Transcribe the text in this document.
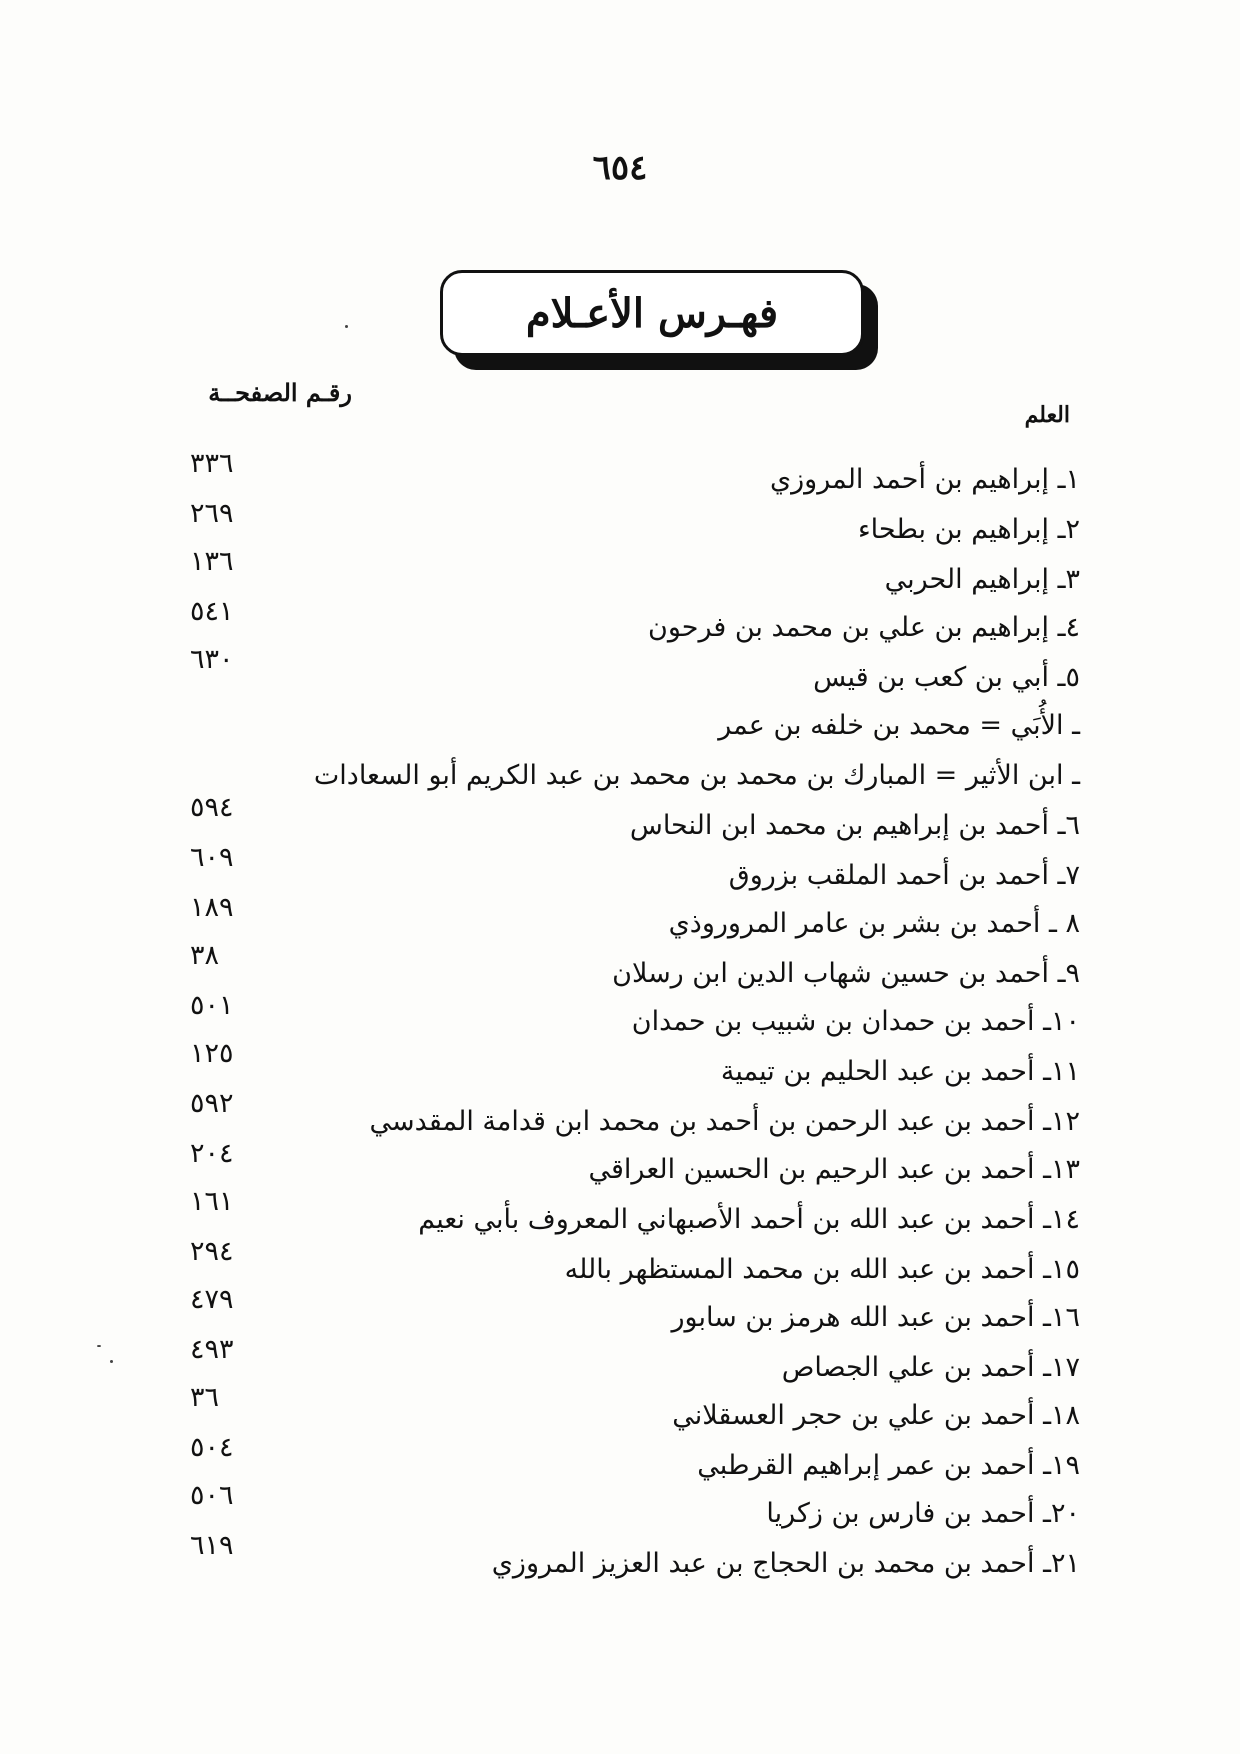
٦٥٤
فهـرس الأعـلام
رقـم الصفحــة
العلم
١ـ إبراهيم بن أحمد المروزي
٢ـ إبراهيم بن بطحاء
٣ـ إبراهيم الحربي
٤ـ إبراهيم بن علي بن محمد بن فرحون
٥ـ أبي بن كعب بن قيس
ـ الأُبَي = محمد بن خلفه بن عمر
ـ ابن الأثير = المبارك بن محمد بن محمد بن عبد الكريم أبو السعادات
٦ـ أحمد بن إبراهيم بن محمد ابن النحاس
٧ـ أحمد بن أحمد الملقب بزروق
٨ ـ أحمد بن بشر بن عامر المروروذي
٩ـ أحمد بن حسين شهاب الدين ابن رسلان
١٠ـ أحمد بن حمدان بن شبيب بن حمدان
١١ـ أحمد بن عبد الحليم بن تيمية
١٢ـ أحمد بن عبد الرحمن بن أحمد بن محمد ابن قدامة المقدسي
١٣ـ أحمد بن عبد الرحيم بن الحسين العراقي
١٤ـ أحمد بن عبد الله بن أحمد الأصبهاني المعروف بأبي نعيم
١٥ـ أحمد بن عبد الله بن محمد المستظهر بالله
١٦ـ أحمد بن عبد الله هرمز بن سابور
١٧ـ أحمد بن علي الجصاص
١٨ـ أحمد بن علي بن حجر العسقلاني
١٩ـ أحمد بن عمر إبراهيم القرطبي
٢٠ـ أحمد بن فارس بن زكريا
٢١ـ أحمد بن محمد بن الحجاج بن عبد العزيز المروزي
٣٣٦
٢٦٩
١٣٦
٥٤١
٦٣٠
٥٩٤
٦٠٩
١٨٩
٣٨
٥٠١
١٢٥
٥٩٢
٢٠٤
١٦١
٢٩٤
٤٧٩
٤٩٣
٣٦
٥٠٤
٥٠٦
٦١٩
